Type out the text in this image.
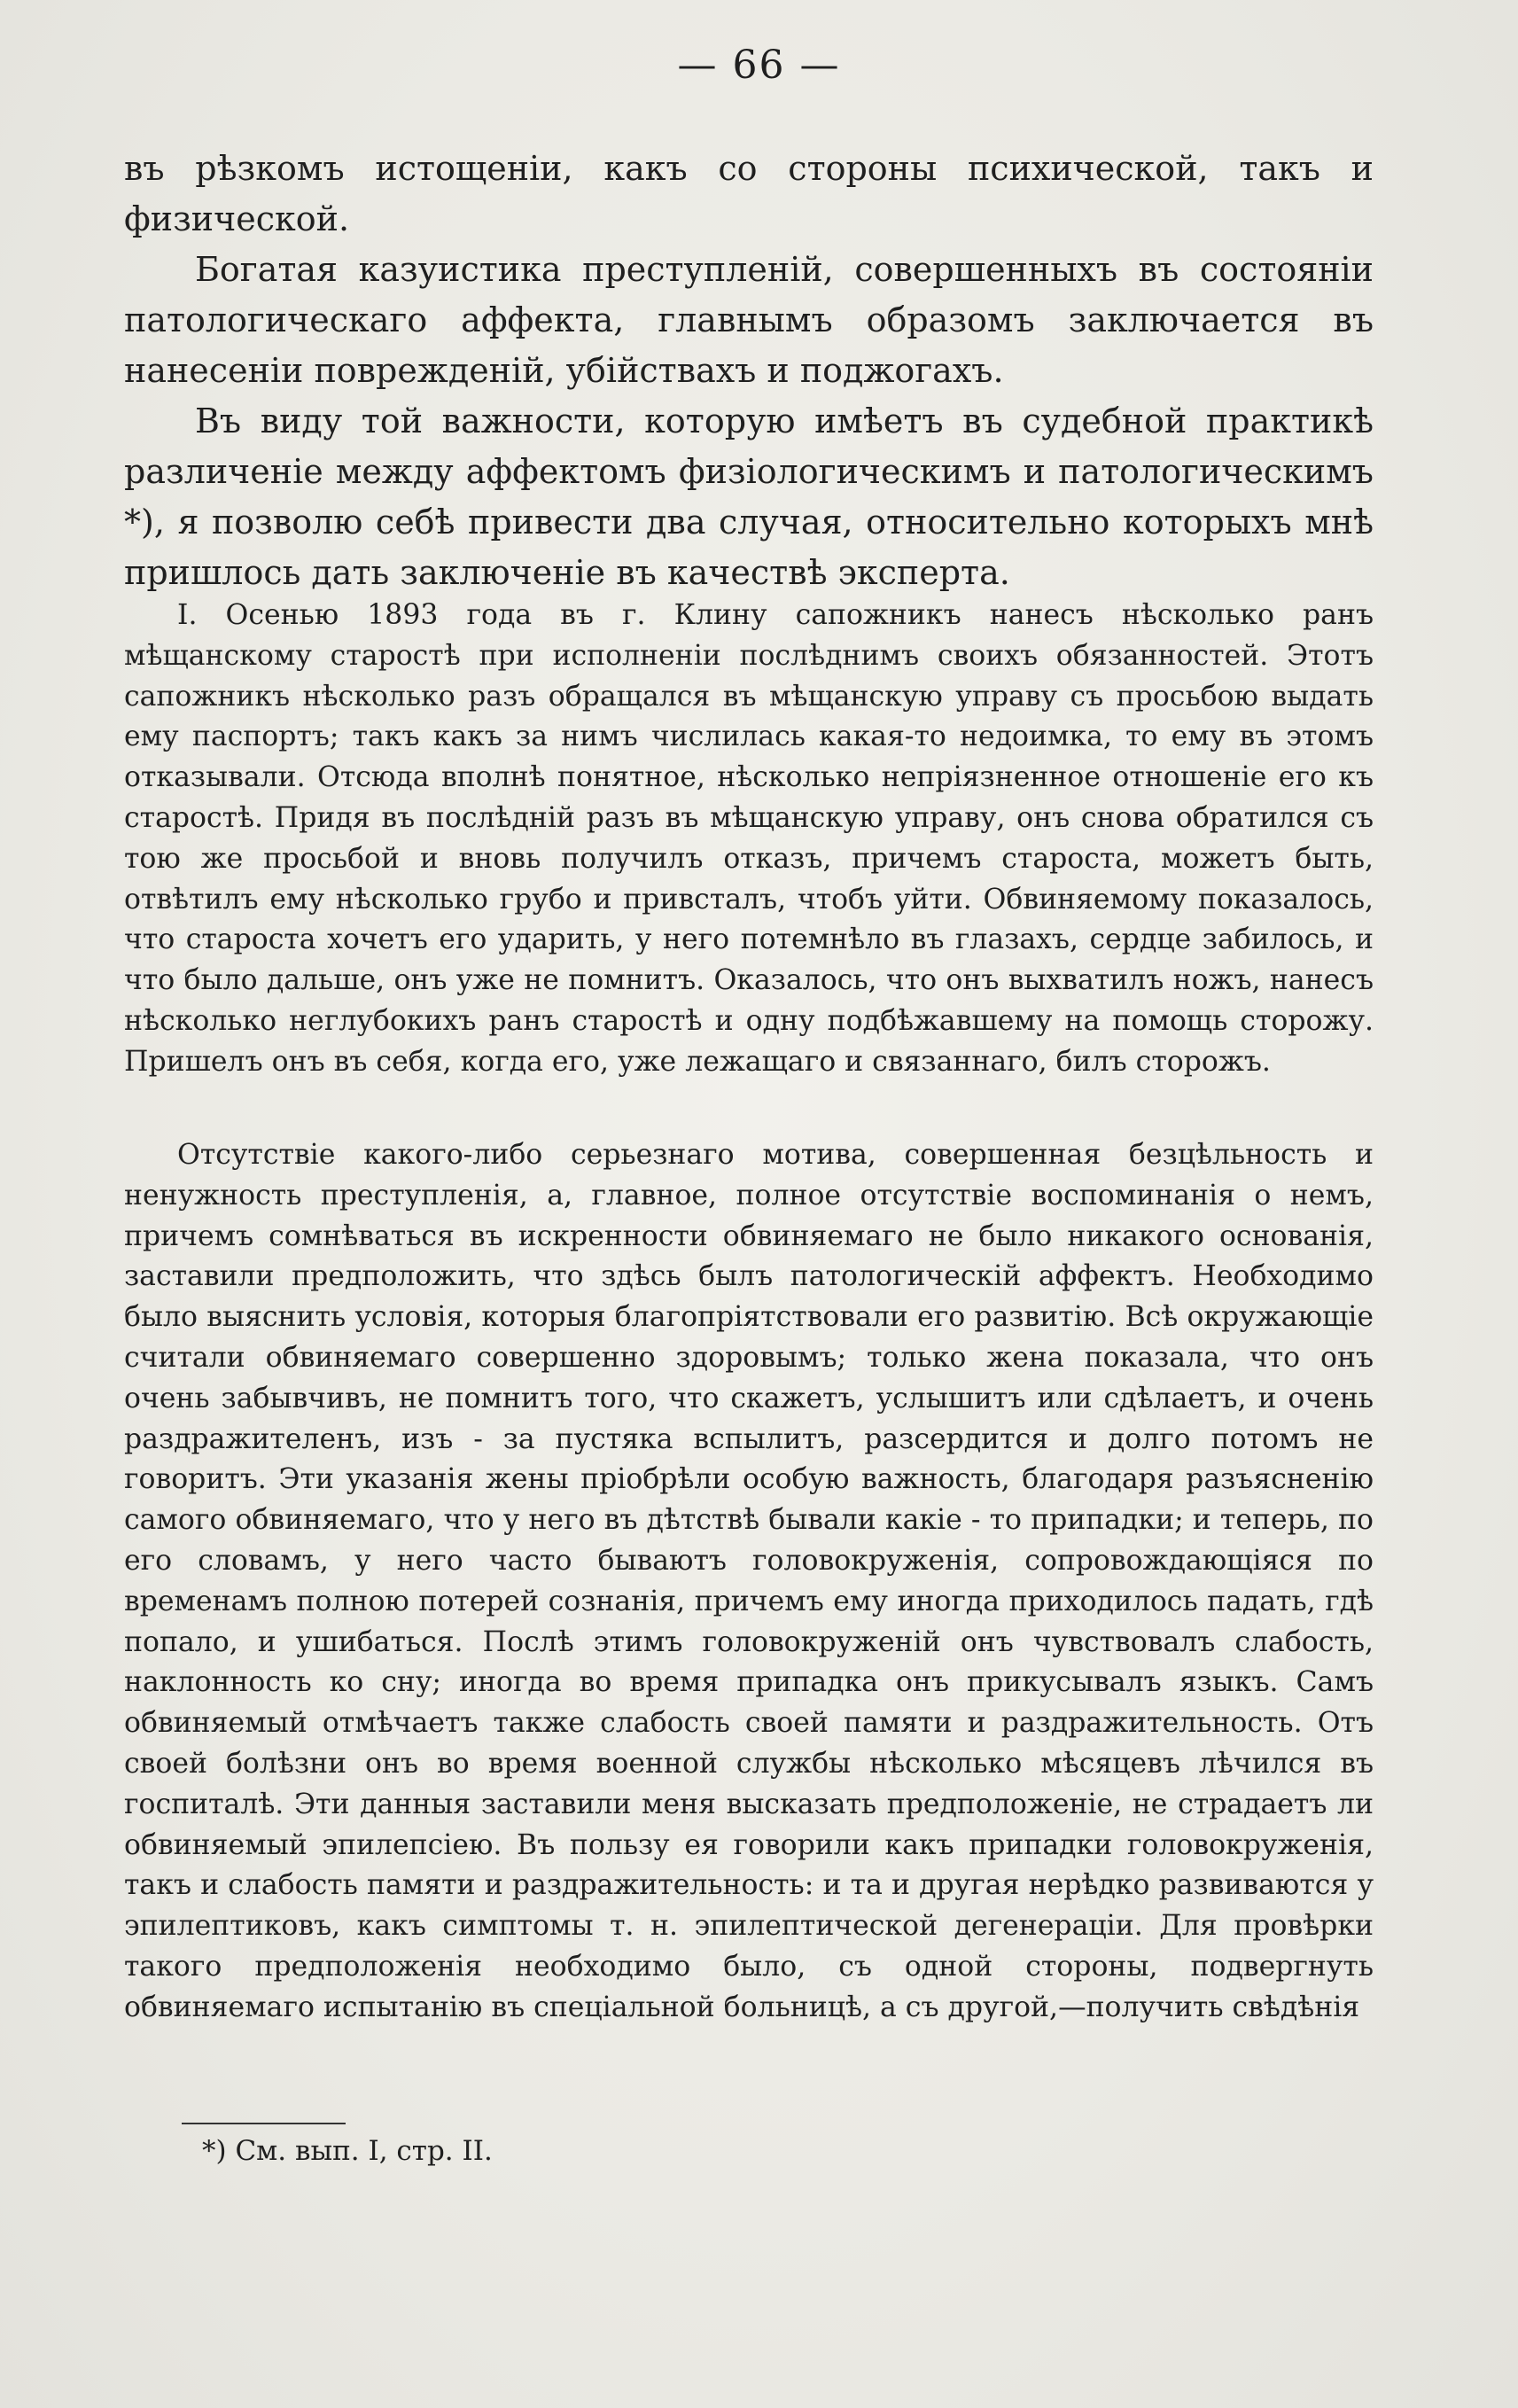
— 66 —

въ рѣзкомъ истощеніи, какъ со стороны психической, такъ и физической.

Богатая казуистика преступленій, совершенныхъ въ состояніи патологическаго аффекта, главнымъ образомъ заключается въ нанесеніи поврежденій, убійствахъ и поджогахъ.

Въ виду той важности, которую имѣетъ въ судебной практикѣ различеніе между аффектомъ физіологическимъ и патологическимъ *), я позволю себѣ привести два случая, относительно которыхъ мнѣ пришлось дать заключеніе въ качествѣ эксперта.

I. Осенью 1893 года въ г. Клину сапожникъ нанесъ нѣсколько ранъ мѣщанскому старостѣ при исполненіи послѣднимъ своихъ обязанностей. Этотъ сапожникъ нѣсколько разъ обращался въ мѣщанскую управу съ просьбою выдать ему паспортъ; такъ какъ за нимъ числилась какая-то недоимка, то ему въ этомъ отказывали. Отсюда вполнѣ понятное, нѣсколько непріязненное отношеніе его къ старостѣ. Придя въ послѣдній разъ въ мѣщанскую управу, онъ снова обратился съ тою же просьбой и вновь получилъ отказъ, причемъ староста, можетъ быть, отвѣтилъ ему нѣсколько грубо и привсталъ, чтобъ уйти. Обвиняемому показалось, что староста хочетъ его ударить, у него потемнѣло въ глазахъ, сердце забилось, и что было дальше, онъ уже не помнитъ. Оказалось, что онъ выхватилъ ножъ, нанесъ нѣсколько неглубокихъ ранъ старостѣ и одну подбѣжавшему на помощь сторожу. Пришелъ онъ въ себя, когда его, уже лежащаго и связаннаго, билъ сторожъ.

Отсутствіе какого-либо серьезнаго мотива, совершенная безцѣльность и ненужность преступленія, а, главное, полное отсутствіе воспоминанія о немъ, причемъ сомнѣваться въ искренности обвиняемаго не было никакого основанія, заставили предположить, что здѣсь былъ патологическій аффектъ. Необходимо было выяснить условія, которыя благопріятствовали его развитію. Всѣ окружающіе считали обвиняемаго совершенно здоровымъ; только жена показала, что онъ очень забывчивъ, не помнитъ того, что скажетъ, услышитъ или сдѣлаетъ, и очень раздражителенъ, изъ - за пустяка вспылитъ, разсердится и долго потомъ не говоритъ. Эти указанія жены пріобрѣли особую важность, благодаря разъясненію самого обвиняемаго, что у него въ дѣтствѣ бывали какіе - то припадки; и теперь, по его словамъ, у него часто бываютъ головокруженія, сопровождающіяся по временамъ полною потерей сознанія, причемъ ему иногда приходилось падать, гдѣ попало, и ушибаться. Послѣ этимъ головокруженій онъ чувствовалъ слабость, наклонность ко сну; иногда во время припадка онъ прикусывалъ языкъ. Самъ обвиняемый отмѣчаетъ также слабость своей памяти и раздражительность. Отъ своей болѣзни онъ во время военной службы нѣсколько мѣсяцевъ лѣчился въ госпиталѣ. Эти данныя заставили меня высказать предположеніе, не страдаетъ ли обвиняемый эпилепсіею. Въ пользу ея говорили какъ припадки головокруженія, такъ и слабость памяти и раздражительность: и та и другая нерѣдко развиваются у эпилептиковъ, какъ симптомы т. н. эпилептической дегенераціи. Для провѣрки такого предположенія необходимо было, съ одной стороны, подвергнуть обвиняемаго испытанію въ спеціальной больницѣ, а съ другой,—получить свѣдѣнія

*) См. вып. I, стр. II.
